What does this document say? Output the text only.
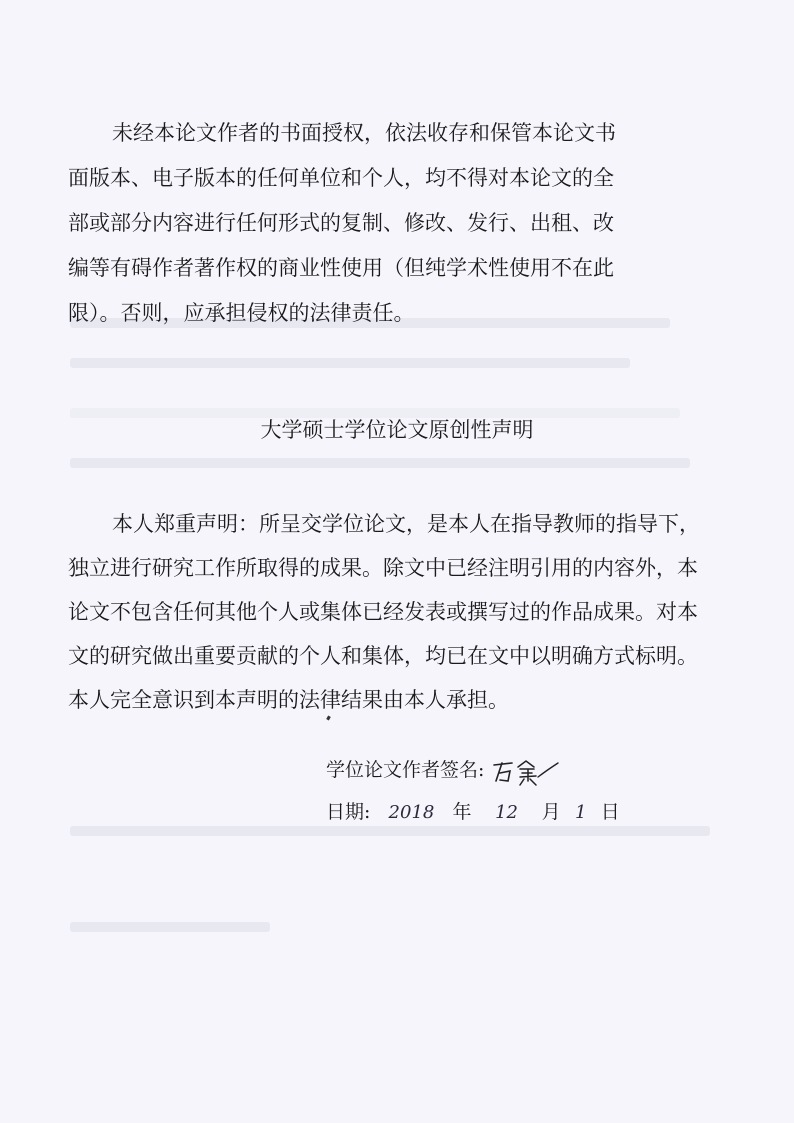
未经本论文作者的书面授权，依法收存和保管本论文书
面版本、电子版本的任何单位和个人，均不得对本论文的全
部或部分内容进行任何形式的复制、修改、发行、出租、改
编等有碍作者著作权的商业性使用（但纯学术性使用不在此
限）。否则，应承担侵权的法律责任。
大学硕士学位论文原创性声明
本人郑重声明：所呈交学位论文，是本人在指导教师的指导下，
独立进行研究工作所取得的成果。除文中已经注明引用的内容外，本
论文不包含任何其他个人或集体已经发表或撰写过的作品成果。对本
文的研究做出重要贡献的个人和集体，均已在文中以明确方式标明。
本人完全意识到本声明的法律结果由本人承担。
学位论文作者签名:
日期: 2018 年 12 月 1 日
